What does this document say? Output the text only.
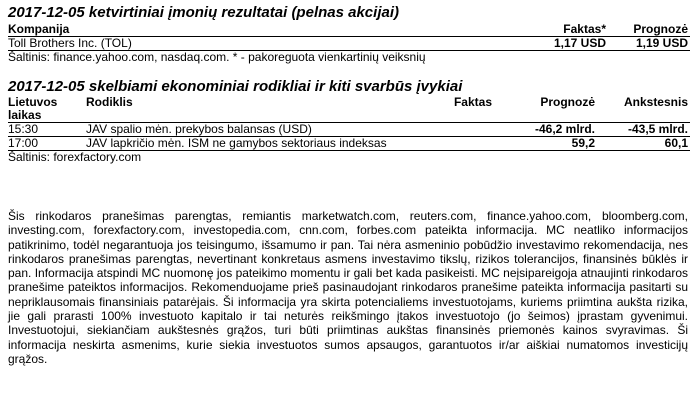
2017-12-05 ketvirtiniai įmonių rezultatai (pelnas akcijai)
Kompanija	Faktas*	Prognozė
Toll Brothers Inc. (TOL)	1,17 USD	1,19 USD
Šaltinis: finance.yahoo.com, nasdaq.com. * - pakoreguota vienkartinių veiksnių
2017-12-05 skelbiami ekonominiai rodikliai ir kiti svarbūs įvykiai
Lietuvos
laikas	Rodiklis	Faktas	Prognozė	Ankstesnis
15:30	JAV spalio mėn. prekybos balansas (USD)		-46,2 mlrd.	-43,5 mlrd.
17:00	JAV lapkričio mėn. ISM ne gamybos sektoriaus indeksas		59,2	60,1
Šaltinis: forexfactory.com

Šis rinkodaros pranešimas parengtas, remiantis marketwatch.com, reuters.com, finance.yahoo.com, bloomberg.com, investing.com, forexfactory.com, investopedia.com, cnn.com, forbes.com pateikta informacija. MC neatliko informacijos patikrinimo, todėl negarantuoja jos teisingumo, išsamumo ir pan. Tai nėra asmeninio pobūdžio investavimo rekomendacija, nes rinkodaros pranešimas parengtas, nevertinant konkretaus asmens investavimo tikslų, rizikos tolerancijos, finansinės būklės ir pan. Informacija atspindi MC nuomonę jos pateikimo momentu ir gali bet kada pasikeisti. MC neįsipareigoja atnaujinti rinkodaros pranešime pateiktos informacijos. Rekomenduojame prieš pasinaudojant rinkodaros pranešime pateikta informacija pasitarti su nepriklausomais finansiniais patarėjais. Ši informacija yra skirta potencialiems investuotojams, kuriems priimtina aukšta rizika, jie gali prarasti 100% investuoto kapitalo ir tai neturės reikšmingo įtakos investuotojo (jo šeimos) įprastam gyvenimui. Investuotojui, siekiančiam aukštesnės grąžos, turi būti priimtinas aukštas finansinės priemonės kainos svyravimas. Ši informacija neskirta asmenims, kurie siekia investuotos sumos apsaugos, garantuotos ir/ar aiškiai numatomos investicijų grąžos.
